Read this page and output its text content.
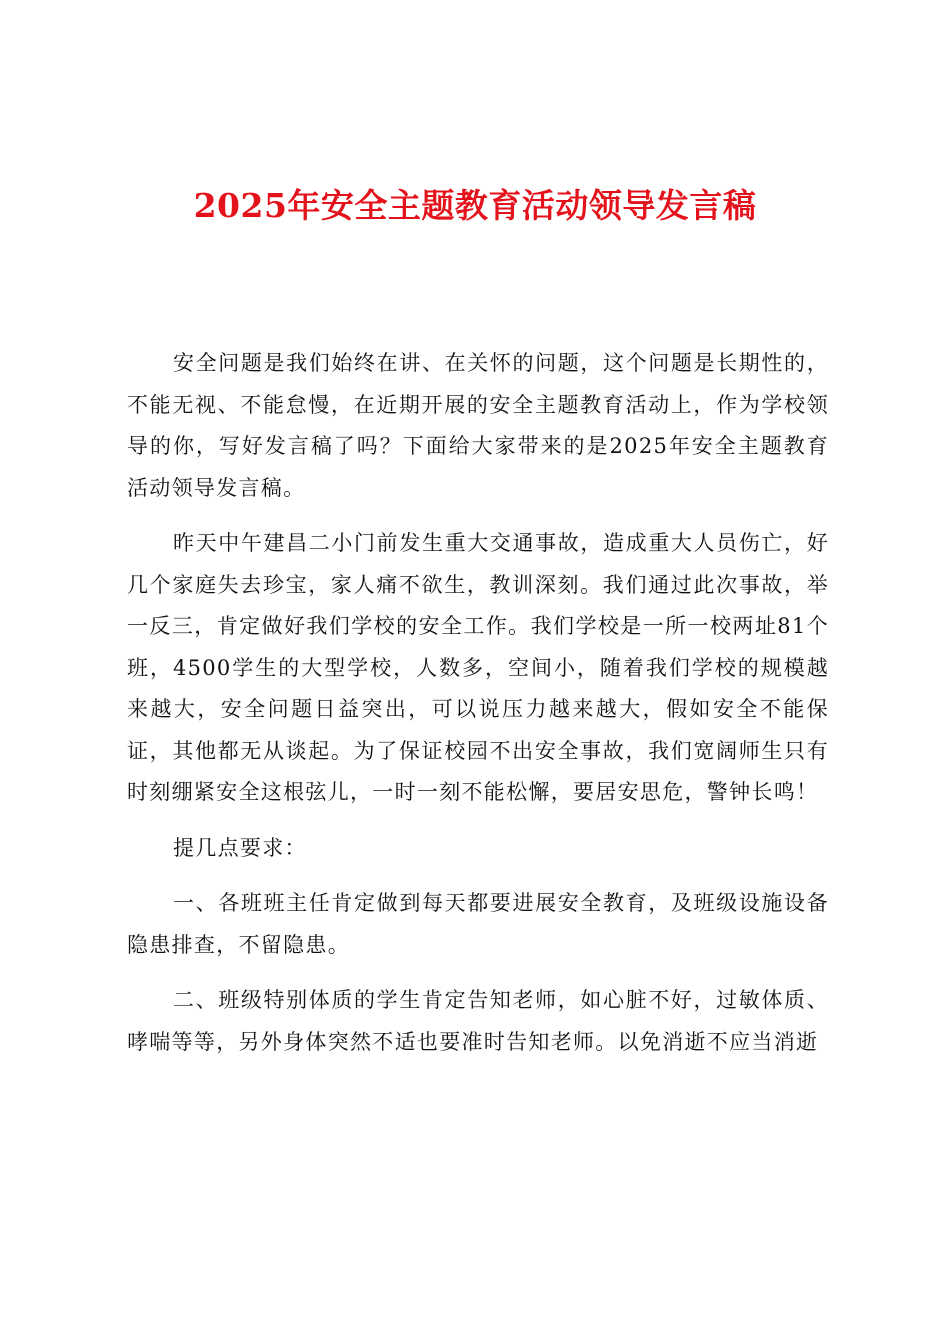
2025年安全主题教育活动领导发言稿

安全问题是我们始终在讲、在关怀的问题，这个问题是长期性的，不能无视、不能怠慢，在近期开展的安全主题教育活动上，作为学校领导的你，写好发言稿了吗？下面给大家带来的是2025年安全主题教育活动领导发言稿。

昨天中午建昌二小门前发生重大交通事故，造成重大人员伤亡，好几个家庭失去珍宝，家人痛不欲生，教训深刻。我们通过此次事故，举一反三，肯定做好我们学校的安全工作。我们学校是一所一校两址81个班，4500学生的大型学校，人数多，空间小，随着我们学校的规模越来越大，安全问题日益突出，可以说压力越来越大，假如安全不能保证，其他都无从谈起。为了保证校园不出安全事故，我们宽阔师生只有时刻绷紧安全这根弦儿，一时一刻不能松懈，要居安思危，警钟长鸣！

提几点要求：

一、各班班主任肯定做到每天都要进展安全教育，及班级设施设备隐患排查，不留隐患。

二、班级特别体质的学生肯定告知老师，如心脏不好，过敏体质、哮喘等等，另外身体突然不适也要准时告知老师。以免消逝不应当消逝
